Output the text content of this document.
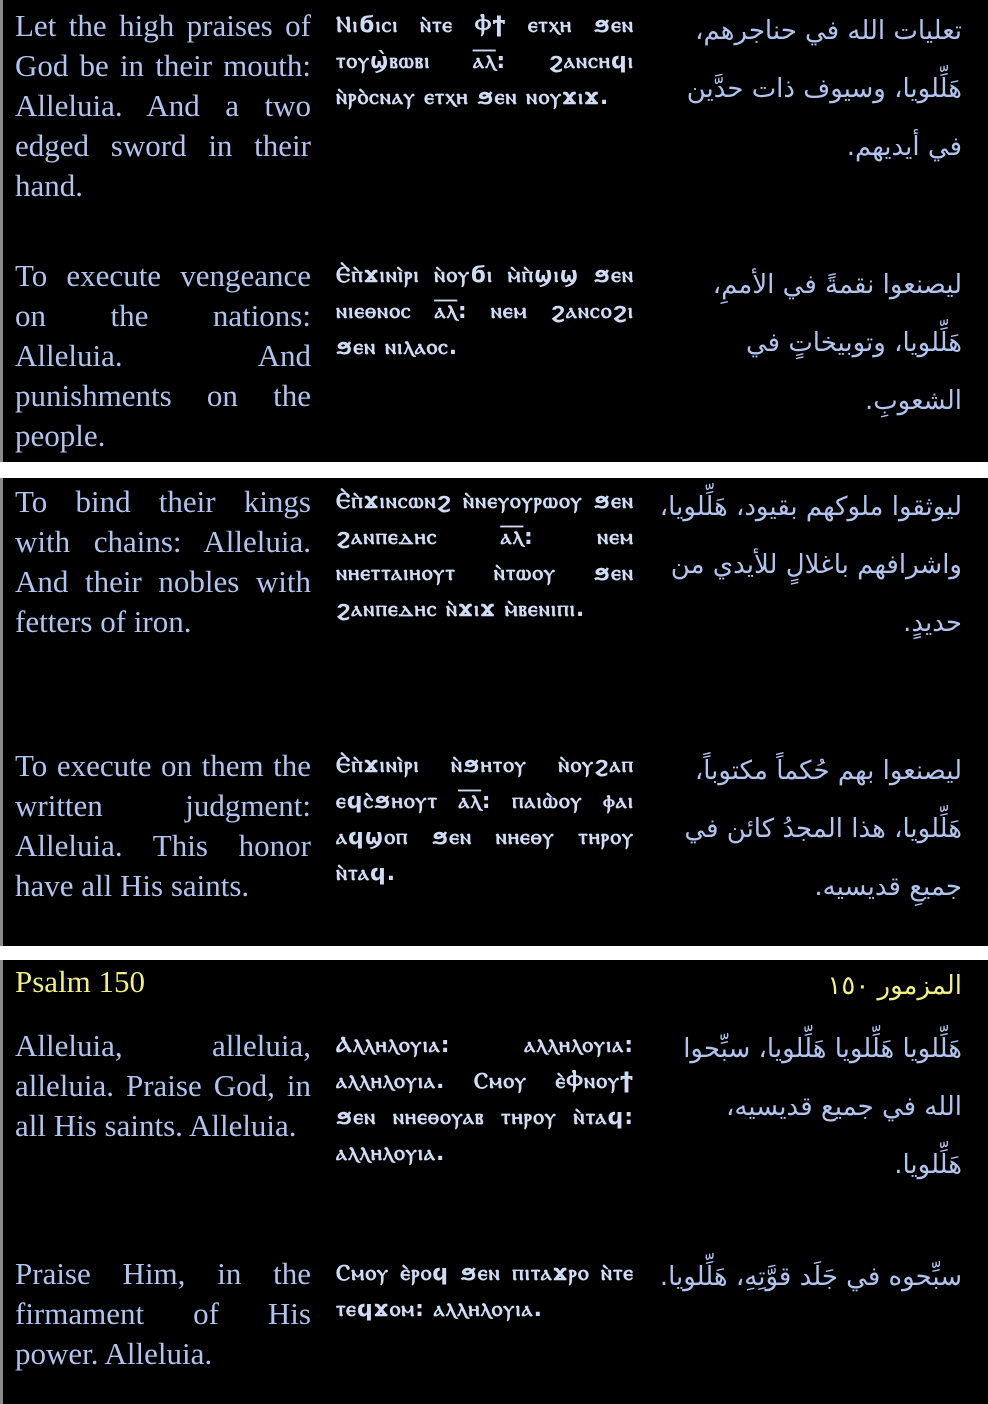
Let the high praises of God be in their mouth: Alleluia. And a two edged sword in their hand.
Ⲛⲓϭⲓⲥⲓ ⲛ̀ⲧⲉ Ⲫϯ ⲉⲧⲭⲏ ϧⲉⲛ ⲧⲟⲩϣ̀ⲃⲱⲃⲓ ⲁ̅ⲗ̅: ϩⲁⲛⲥⲏϥⲓ ⲛ̀ⲣⲟ̀ⲥⲛⲁⲩ ⲉⲧⲭⲏ ϧⲉⲛ ⲛⲟⲩϫⲓϫ.
تعليات الله في حناجرهم، هَلِّلويا، وسيوف ذات حدَّين في أيديهم.
To execute vengeance on the nations: Alleluia. And punishments on the people.
Ⲉ̀ⲡ̀ϫⲓⲛⲓ̀ⲣⲓ ⲛ̀ⲟⲩϭⲓ ⲙ̀ⲡ̀ϣⲓϣ ϧⲉⲛ ⲛⲓⲉⲑⲛⲟⲥ ⲁ̅ⲗ̅: ⲛⲉⲙ ϩⲁⲛⲥⲟϩⲓ ϧⲉⲛ ⲛⲓⲗⲁⲟⲥ.
ليصنعوا نقمةً في الأممِ، هَلِّلويا، وتوبيخاتٍ في الشعوبِ.
To bind their kings with chains: Alleluia. And their nobles with fetters of iron.
Ⲉ̀ⲡ̀ϫⲓⲛⲥⲱⲛϩ ⲛ̀ⲛⲉⲩⲟⲩⲣⲱⲟⲩ ϧⲉⲛ ϩⲁⲛⲡⲉⲇⲏⲥ ⲁ̅ⲗ̅: ⲛⲉⲙ ⲛⲏⲉⲧⲧⲁⲓⲏⲟⲩⲧ ⲛ̀ⲧⲱⲟⲩ ϧⲉⲛ ϩⲁⲛⲡⲉⲇⲏⲥ ⲛ̀ϫⲓϫ ⲙ̀ⲃⲉⲛⲓⲡⲓ.
ليوثقوا ملوكهم بقيود، هَلِّلويا، واشرافهم باغلالٍ للأيدي من حديدٍ.
To execute on them the written judgment: Alleluia. This honor have all His saints.
Ⲉ̀ⲡ̀ϫⲓⲛⲓ̀ⲣⲓ ⲛ̀ϧⲏⲧⲟⲩ ⲛ̀ⲟⲩϩⲁⲡ ⲉϥⲥ̀ϧⲏⲟⲩⲧ ⲁ̅ⲗ̅: ⲡⲁⲓⲱ̀ⲟⲩ ⲫⲁⲓ ⲁϥϣⲟⲡ ϧⲉⲛ ⲛⲏⲉⲑⲩ ⲧⲏⲣⲟⲩ ⲛ̀ⲧⲁϥ.
ليصنعوا بهم حُكماً مكتوباً، هَلِّلويا، هذا المجدُ كائن في جميعِ قديسيه.
Psalm 150	المزمور ١٥٠
Alleluia, alleluia, alleluia. Praise God, in all His saints. Alleluia.
Ⲁⲗⲗⲏⲗⲟⲩⲓⲁ: ⲁⲗⲗⲏⲗⲟⲩⲓⲁ: ⲁⲗⲗⲏⲗⲟⲩⲓⲁ. Ⲥⲙⲟⲩ ⲉ̀Ⲫⲛⲟⲩϯ ϧⲉⲛ ⲛⲏⲉⲑⲟⲩⲁⲃ ⲧⲏⲣⲟⲩ ⲛ̀ⲧⲁϥ: ⲁⲗⲗⲏⲗⲟⲩⲓⲁ.
هَلِّلويا هَلِّلويا هَلِّلويا، سبِّحوا الله في جميع قديسيه، هَلِّلويا.
Praise Him, in the firmament of His power. Alleluia.
Ⲥⲙⲟⲩ ⲉ̀ⲣⲟϥ ϧⲉⲛ ⲡⲓⲧⲁϫⲣⲟ ⲛ̀ⲧⲉ ⲧⲉϥϫⲟⲙ: ⲁⲗⲗⲏⲗⲟⲩⲓⲁ.
سبِّحوه في جَلَد قوَّتِهِ، هَلِّلويا.
